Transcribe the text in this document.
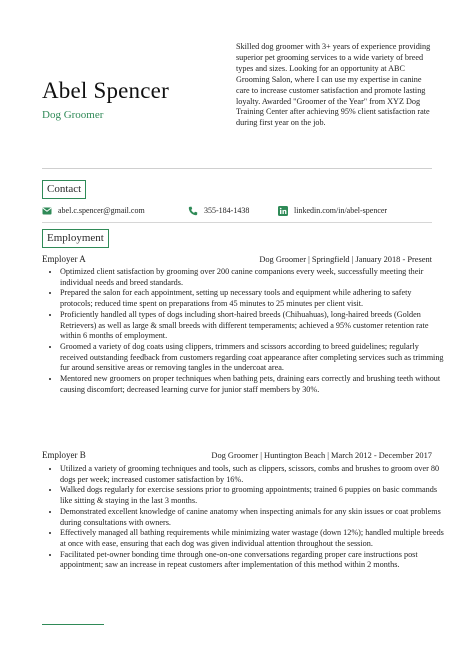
Abel Spencer
Dog Groomer
Skilled dog groomer with 3+ years of experience providing superior pet grooming services to a wide variety of breed types and sizes. Looking for an opportunity at ABC Grooming Salon, where I can use my expertise in canine care to increase customer satisfaction and promote lasting loyalty. Awarded "Groomer of the Year" from XYZ Dog Training Center after achieving 95% client satisfaction rate during first year on the job.
Contact
abel.c.spencer@gmail.com	355-184-1438	linkedin.com/in/abel-spencer
Employment
Employer A	Dog Groomer | Springfield | January 2018 - Present
• Optimized client satisfaction by grooming over 200 canine companions every week, successfully meeting their individual needs and breed standards.
• Prepared the salon for each appointment, setting up necessary tools and equipment while adhering to safety protocols; reduced time spent on preparations from 45 minutes to 25 minutes per client visit.
• Proficiently handled all types of dogs including short-haired breeds (Chihuahuas), long-haired breeds (Golden Retrievers) as well as large & small breeds with different temperaments; achieved a 95% customer retention rate within 6 months of employment.
• Groomed a variety of dog coats using clippers, trimmers and scissors according to breed guidelines; regularly received outstanding feedback from customers regarding coat appearance after completing services such as trimming fur around sensitive areas or removing tangles in the undercoat area.
• Mentored new groomers on proper techniques when bathing pets, draining ears correctly and brushing teeth without causing discomfort; decreased learning curve for junior staff members by 30%.
Employer B	Dog Groomer | Huntington Beach | March 2012 - December 2017
• Utilized a variety of grooming techniques and tools, such as clippers, scissors, combs and brushes to groom over 80 dogs per week; increased customer satisfaction by 16%.
• Walked dogs regularly for exercise sessions prior to grooming appointments; trained 6 puppies on basic commands like sitting & staying in the last 3 months.
• Demonstrated excellent knowledge of canine anatomy when inspecting animals for any skin issues or coat problems during consultations with owners.
• Effectively managed all bathing requirements while minimizing water wastage (down 12%); handled multiple breeds at once with ease, ensuring that each dog was given individual attention throughout the session.
• Facilitated pet-owner bonding time through one-on-one conversations regarding proper care instructions post appointment; saw an increase in repeat customers after implementation of this method within 2 months.
